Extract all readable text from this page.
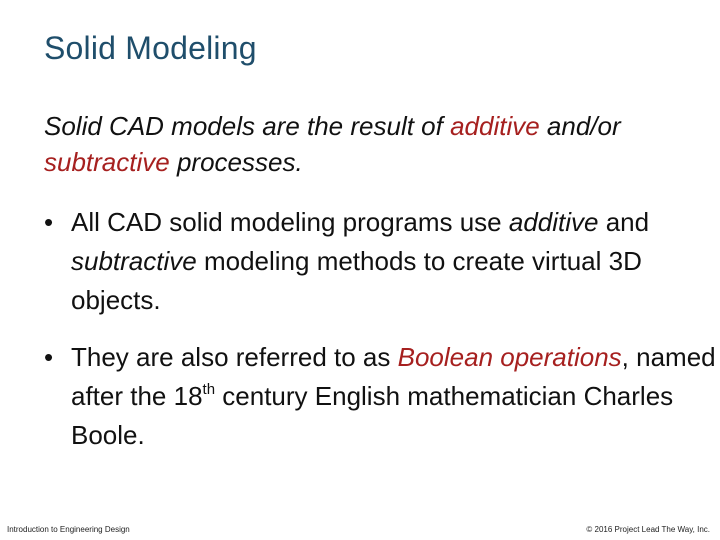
Solid Modeling

Solid CAD models are the result of additive and/or subtractive processes.

• All CAD solid modeling programs use additive and subtractive modeling methods to create virtual 3D objects.

• They are also referred to as Boolean operations, named after the 18th century English mathematician Charles Boole.

Introduction to Engineering Design	© 2016 Project Lead The Way, Inc.
